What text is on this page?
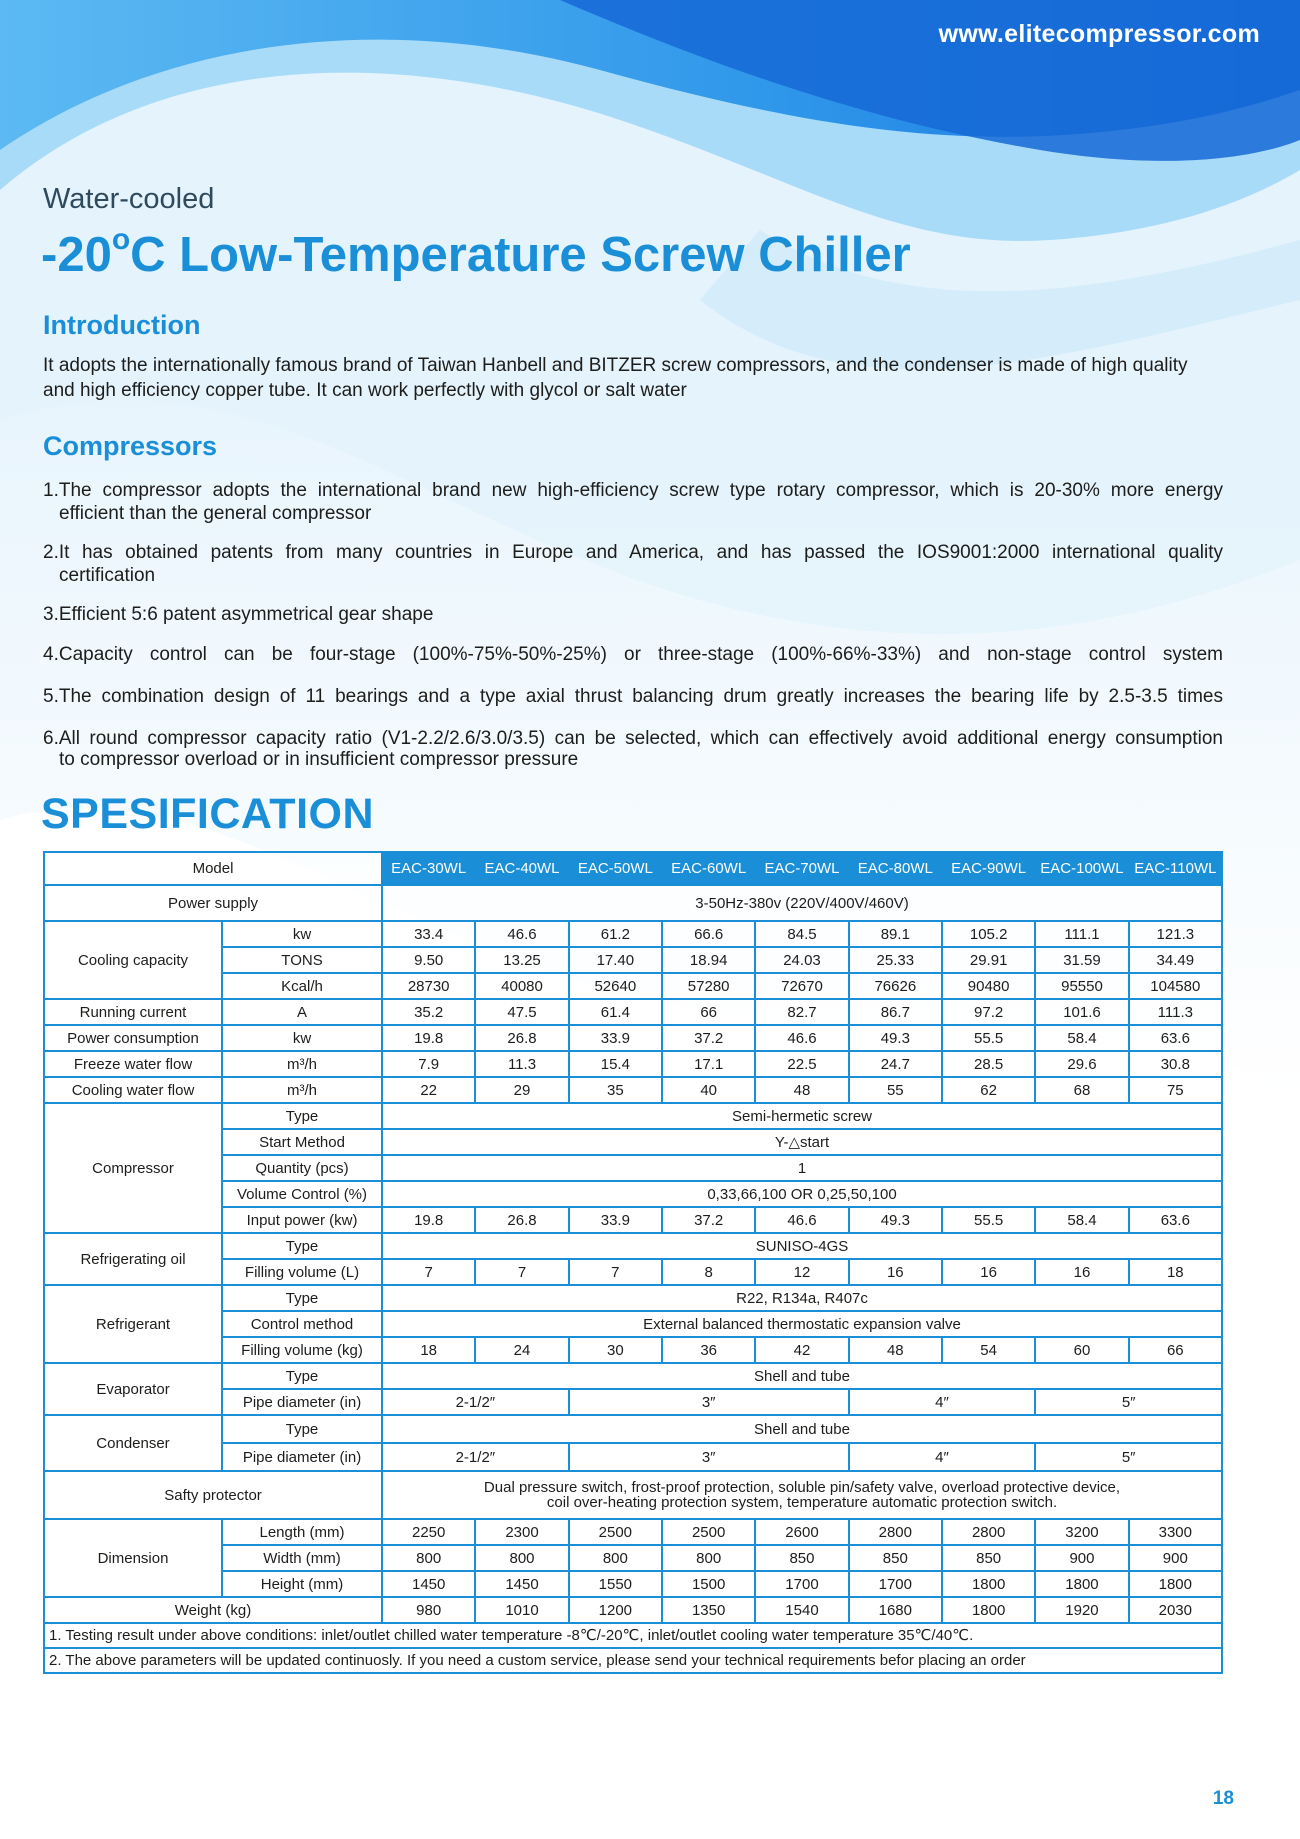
www.elitecompressor.com
Water-cooled
-20$^o$C Low-Temperature Screw Chiller
Introduction
It adopts the internationally famous brand of Taiwan Hanbell and BITZER screw compressors, and the condenser is made of high quality and high efficiency copper tube. It can work perfectly with glycol or salt water
Compressors
1.The compressor adopts the international brand new high-efficiency screw type rotary compressor, which is 20-30% more energy
efficient than the general compressor
2.It has obtained patents from many countries in Europe and America, and has passed the IOS9001:2000 international quality
certification
3.Efficient 5:6 patent asymmetrical gear shape
4.Capacity control can be four-stage (100%-75%-50%-25%) or three-stage (100%-66%-33%) and non-stage control system
5.The combination design of 11 bearings and a type axial thrust balancing drum greatly increases the bearing life by 2.5-3.5 times
6.All round compressor capacity ratio (V1-2.2/2.6/3.0/3.5) can be selected, which can effectively avoid additional energy consumption
to compressor overload or in insufficient compressor pressure
SPESIFICATION
Model		EAC-30WL	EAC-40WL	EAC-50WL	EAC-60WL	EAC-70WL	EAC-80WL	EAC-90WL	EAC-100WL	EAC-110WL
Power supply		3-50Hz-380v (220V/400V/460V)								
Cooling capacity	kw	33.4	46.6	61.2	66.6	84.5	89.1	105.2	111.1	121.3
	TONS	9.50	13.25	17.40	18.94	24.03	25.33	29.91	31.59	34.49
	Kcal/h	28730	40080	52640	57280	72670	76626	90480	95550	104580
Running current	A	35.2	47.5	61.4	66	82.7	86.7	97.2	101.6	111.3
Power consumption	kw	19.8	26.8	33.9	37.2	46.6	49.3	55.5	58.4	63.6
Freeze water flow	m³/h	7.9	11.3	15.4	17.1	22.5	24.7	28.5	29.6	30.8
Cooling water flow	m³/h	22	29	35	40	48	55	62	68	75
Compressor	Type	Semi-hermetic screw								
	Start Method	Y-△start								
	Quantity (pcs)	1								
	Volume Control (%)	0,33,66,100 OR 0,25,50,100								
	Input power (kw)	19.8	26.8	33.9	37.2	46.6	49.3	55.5	58.4	63.6
Refrigerating oil	Type	SUNISO-4GS								
	Filling volume (L)	7	7	7	8	12	16	16	16	18
Refrigerant	Type	R22, R134a, R407c								
	Control method	External balanced thermostatic expansion valve								
	Filling volume (kg)	18	24	30	36	42	48	54	60	66
Evaporator	Type	Shell and tube								
	Pipe diameter (in)	2-1/2″		3″			4″		5″	
Condenser	Type	Shell and tube								
	Pipe diameter (in)	2-1/2″		3″			4″		5″	
Safty protector		Dual pressure switch, frost-proof protection, soluble pin/safety valve, overload protective device,
coil over-heating protection system, temperature automatic protection switch.								

Dimension	Length (mm)	2250	2300	2500	2500	2600	2800	2800	3200	3300
	Width (mm)	800	800	800	800	850	850	850	900	900
	Height (mm)	1450	1450	1550	1500	1700	1700	1800	1800	1800
Weight (kg)		980	1010	1200	1350	1540	1680	1800	1920	2030
1. Testing result under above conditions: inlet/outlet chilled water temperature -8℃/-20℃, inlet/outlet cooling water temperature 35℃/40℃.										
2. The above parameters will be updated continuosly. If you need a custom service, please send your technical requirements befor placing an order										
18
